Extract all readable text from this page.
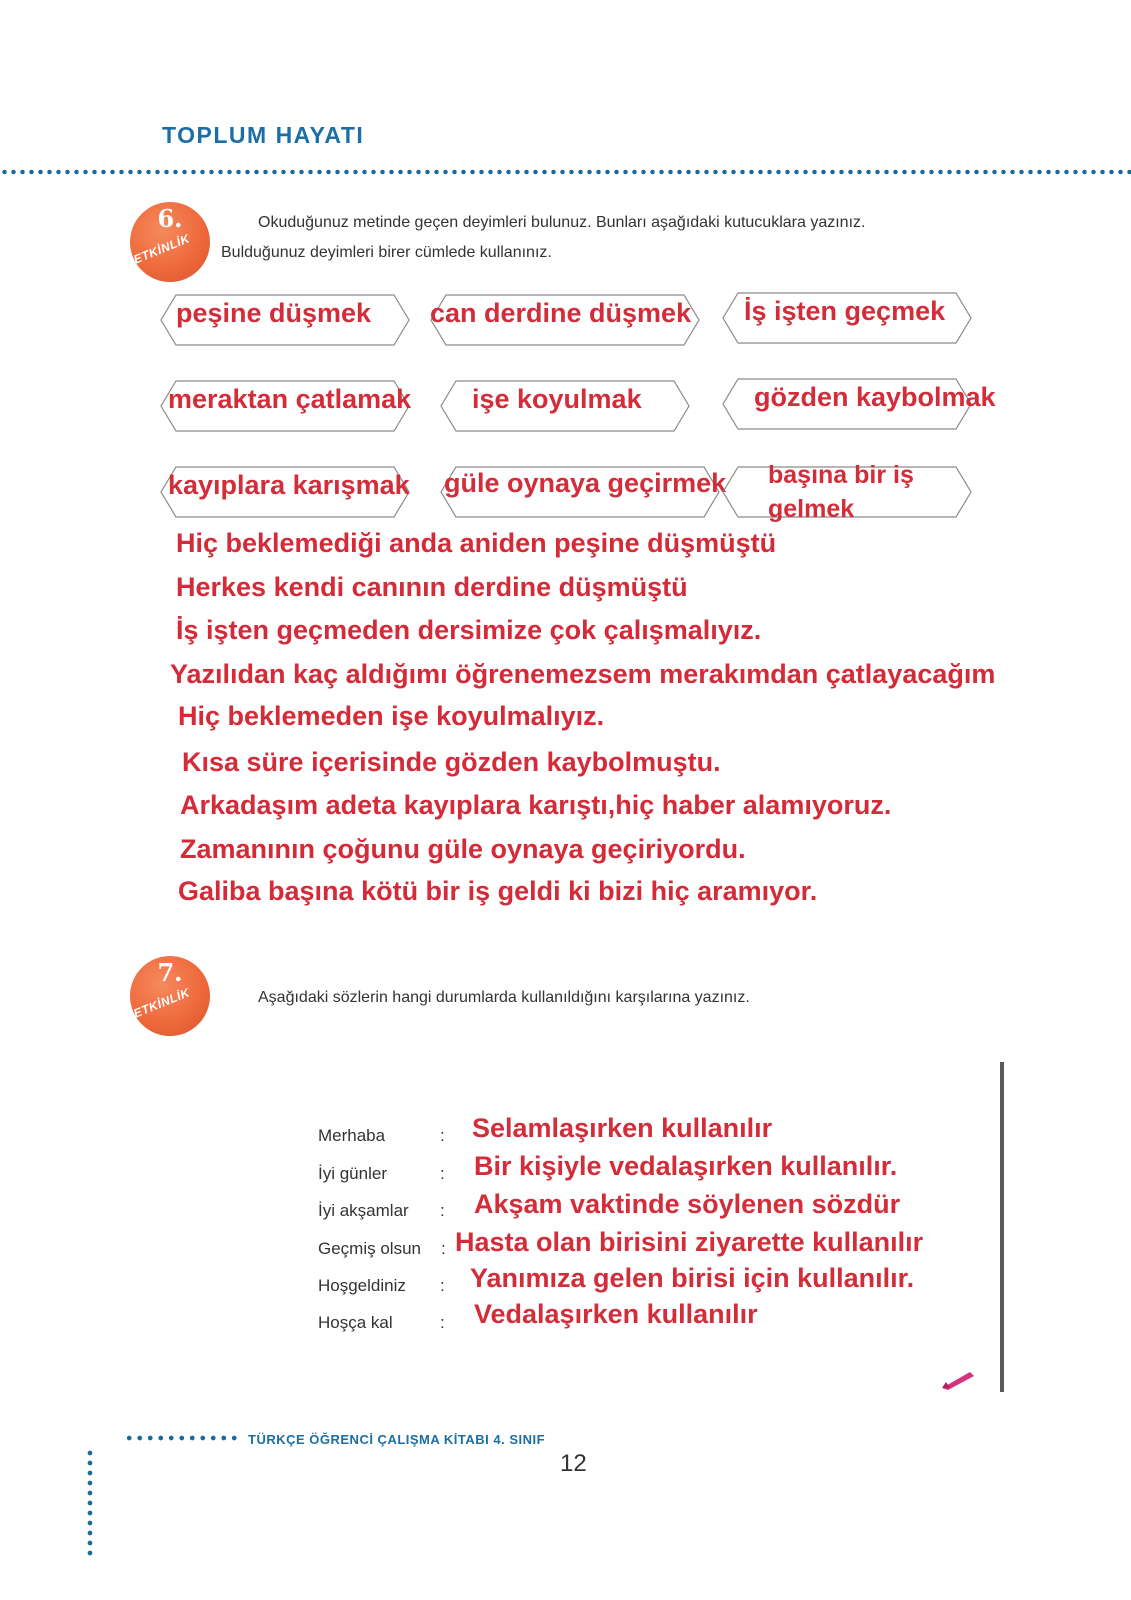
TOPLUM HAYATI
6.
ETKİNLİK
Okuduğunuz metinde geçen deyimleri bulunuz. Bunları aşağıdaki kutucuklara yazınız.
Bulduğunuz deyimleri birer cümlede kullanınız.
peşine düşmek can derdine düşmek İş işten geçmek
meraktan çatlamak işe koyulmak	gözden kaybolmak
kayıplara karışmak güle oynaya geçirmek başına bir iş gelmek
Hiç beklemediği anda aniden peşine düşmüştü
Herkes kendi canının derdine düşmüştü
İş işten geçmeden dersimize çok çalışmalıyız.
Yazılıdan kaç aldığımı öğrenemezsem merakımdan çatlayacağım
Hiç beklemeden işe koyulmalıyız.
Kısa süre içerisinde gözden kaybolmuştu.
Arkadaşım adeta kayıplara karıştı,hiç haber alamıyoruz.
Zamanının çoğunu güle oynaya geçiriyordu.
Galiba başına kötü bir iş geldi ki bizi hiç aramıyor.
7.
ETKİNLİK	Aşağıdaki sözlerin hangi durumlarda kullanıldığını karşılarına yazınız.
Merhaba	: Selamlaşırken kullanılır
İyi günler	: Bir kişiyle vedalaşırken kullanılır.
İyi akşamlar : Akşam vaktinde söylenen sözdür
Geçmiş olsun : Hasta olan birisini ziyarette kullanılır
Hoşgeldiniz : Yanımıza gelen birisi için kullanılır.
Hoşça kal	: Vedalaşırken kullanılır
TÜRKÇE ÖĞRENCİ ÇALIŞMA KİTABI 4. SINIF
12
